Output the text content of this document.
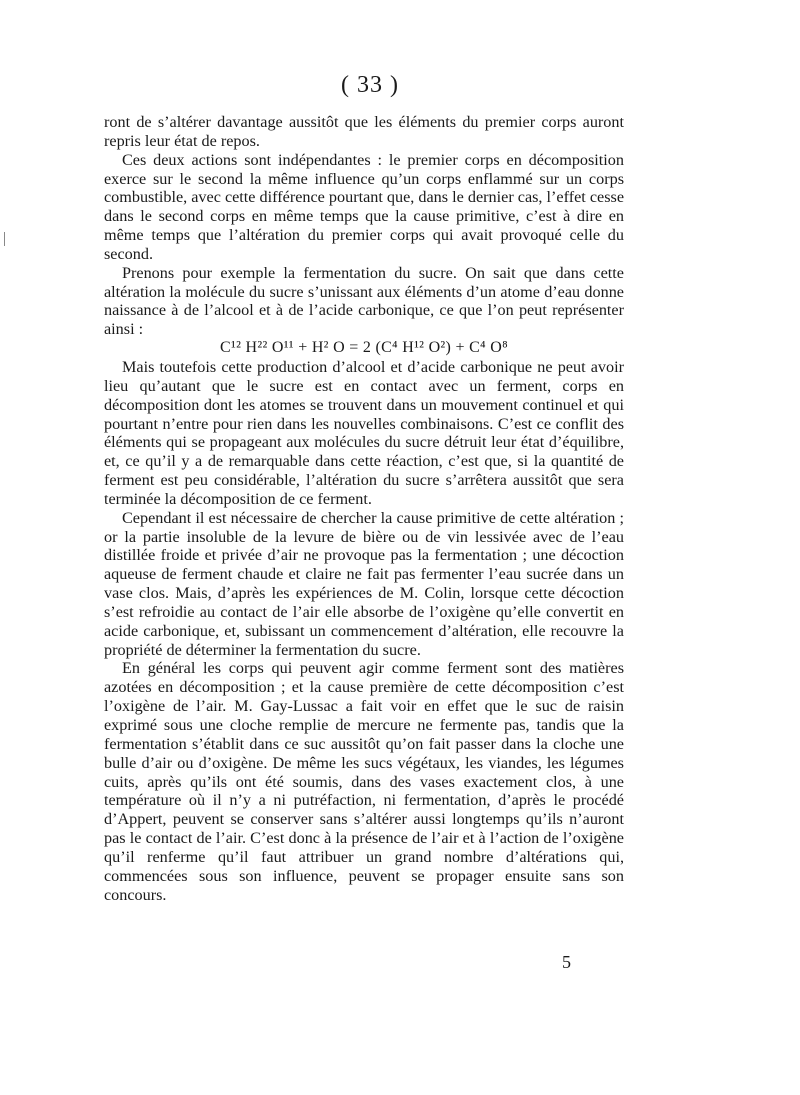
( 33 )

ront de s’altérer davantage aussitôt que les éléments du premier corps auront repris leur état de repos.

Ces deux actions sont indépendantes : le premier corps en décomposition exerce sur le second la même influence qu’un corps enflammé sur un corps combustible, avec cette différence pourtant que, dans le dernier cas, l’effet cesse dans le second corps en même temps que la cause primitive, c’est à dire en même temps que l’altération du premier corps qui avait provoqué celle du second.

Prenons pour exemple la fermentation du sucre. On sait que dans cette altération la molécule du sucre s’unissant aux éléments d’un atome d’eau donne naissance à de l’alcool et à de l’acide carbonique, ce que l’on peut représenter ainsi :

C¹² H²² O¹¹ + H² O = 2 (C⁴ H¹² O²) + C⁴ O⁸

Mais toutefois cette production d’alcool et d’acide carbonique ne peut avoir lieu qu’autant que le sucre est en contact avec un ferment, corps en décomposition dont les atomes se trouvent dans un mouvement continuel et qui pourtant n’entre pour rien dans les nouvelles combinaisons. C’est ce conflit des éléments qui se propageant aux molécules du sucre détruit leur état d’équilibre, et, ce qu’il y a de remarquable dans cette réaction, c’est que, si la quantité de ferment est peu considérable, l’altération du sucre s’arrêtera aussitôt que sera terminée la décomposition de ce ferment.

Cependant il est nécessaire de chercher la cause primitive de cette altération ; or la partie insoluble de la levure de bière ou de vin lessivée avec de l’eau distillée froide et privée d’air ne provoque pas la fermentation ; une décoction aqueuse de ferment chaude et claire ne fait pas fermenter l’eau sucrée dans un vase clos. Mais, d’après les expériences de M. Colin, lorsque cette décoction s’est refroidie au contact de l’air elle absorbe de l’oxigène qu’elle convertit en acide carbonique, et, subissant un commencement d’altération, elle recouvre la propriété de déterminer la fermentation du sucre.

En général les corps qui peuvent agir comme ferment sont des matières azotées en décomposition ; et la cause première de cette décomposition c’est l’oxigène de l’air. M. Gay-Lussac a fait voir en effet que le suc de raisin exprimé sous une cloche remplie de mercure ne fermente pas, tandis que la fermentation s’établit dans ce suc aussitôt qu’on fait passer dans la cloche une bulle d’air ou d’oxigène. De même les sucs végétaux, les viandes, les légumes cuits, après qu’ils ont été soumis, dans des vases exactement clos, à une température où il n’y a ni putréfaction, ni fermentation, d’après le procédé d’Appert, peuvent se conserver sans s’altérer aussi longtemps qu’ils n’auront pas le contact de l’air. C’est donc à la présence de l’air et à l’action de l’oxigène qu’il renferme qu’il faut attribuer un grand nombre d’altérations qui, commencées sous son influence, peuvent se propager ensuite sans son concours.

5
